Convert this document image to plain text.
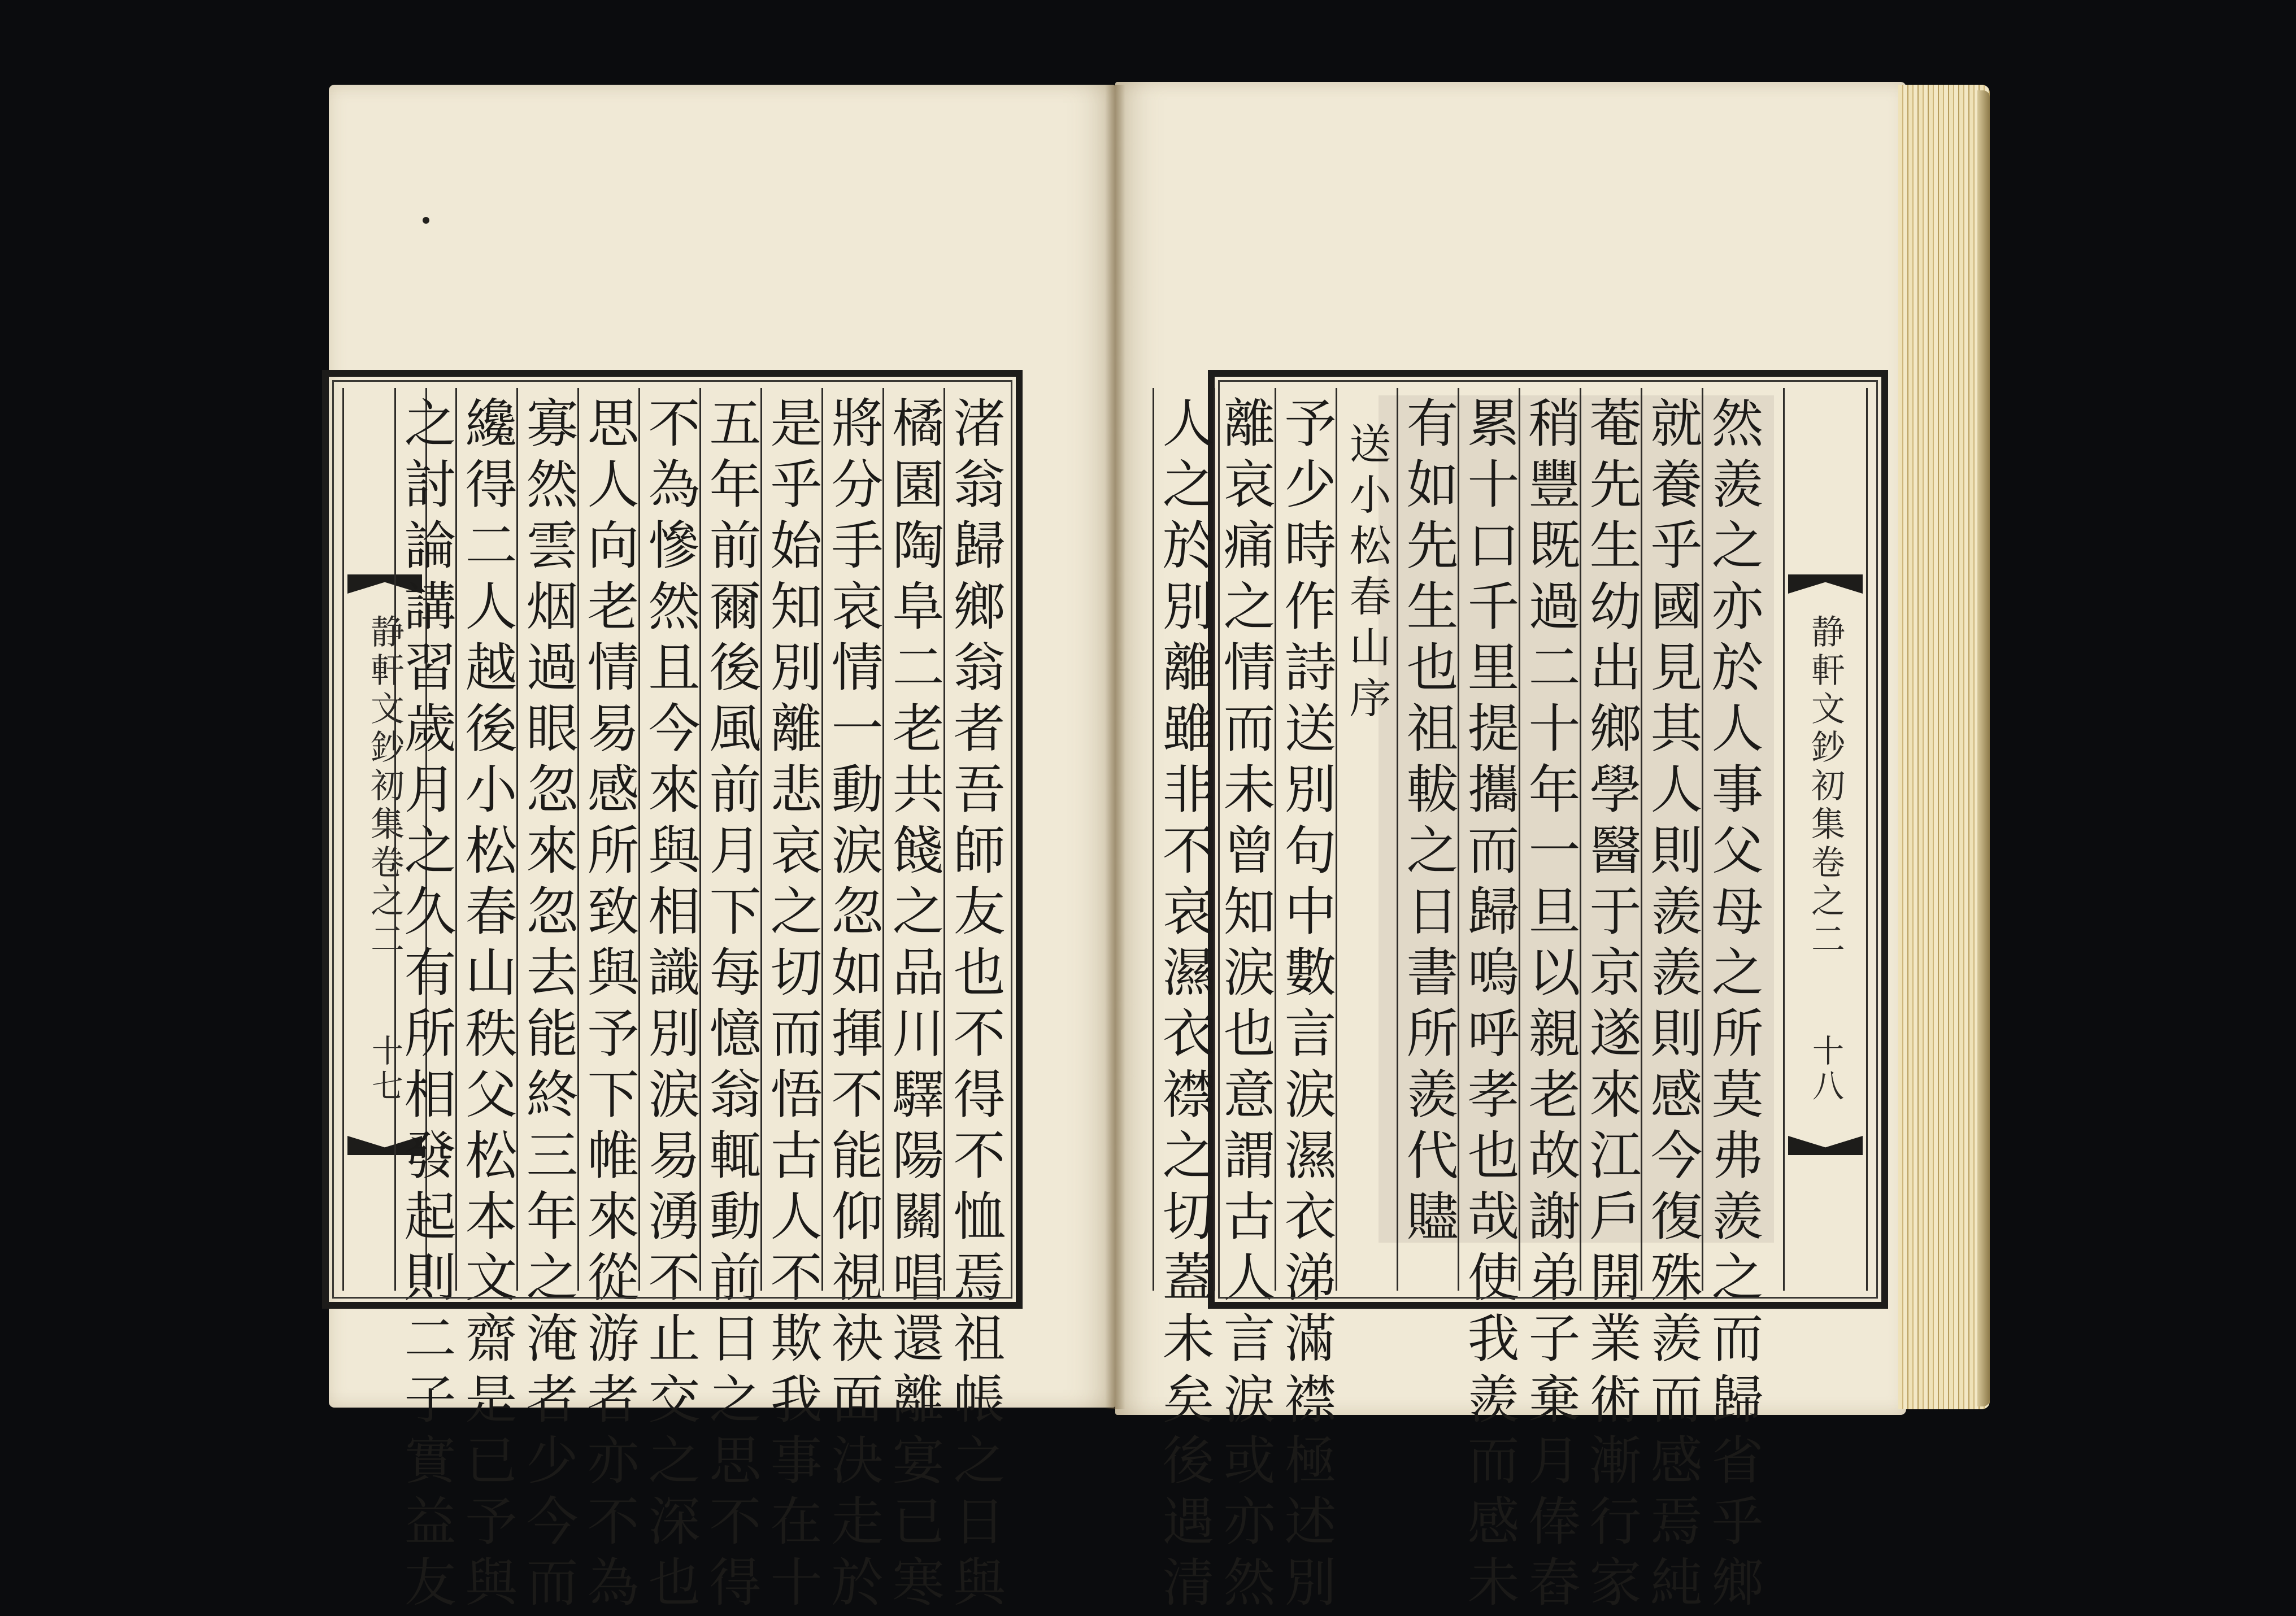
静軒文鈔初集卷之二
十七	渚翁歸鄉翁者吾師友也不得不恤焉祖帳之日與
橘園陶阜二老共餞之品川驛陽關唱還離宴已寒
將分手哀情一動涙忽如揮不能仰視袂面決走於
是乎始知別離悲哀之切而悟古人不欺我事在十
五年前爾後風前月下每憶翁輒動前日之思不得
不為慘然且今來與相識別涙易湧不止交之深也
思人向老情易感所致與予下帷來從游者亦不為
寡然雲烟過眼忽來忽去能終三年之淹者少今而
纔得二人越後小松春山秩父松本文齋是已予與
之討論講習歲月之久有所相發起則二子實益友	静軒文鈔初集卷之二
十八
然羨之亦於人事父母之所莫弗羨之而歸省乎鄉
就養乎國見其人則羨羨則感今復殊羨而感焉純
菴先生幼出鄉學醫于京遂來江戶開業術漸行家
稍豐既過二十年一旦以親老故謝弟子棄月俸舂
累十口千里提攜而歸嗚呼孝也哉使我羨而感未
有如先生也祖軷之日書所羨代贐
送小松春山序
予少時作詩送別句中數言涙濕衣涕滿襟極述別
離哀痛之情而未曾知涙也意謂古人言涙或亦然
人之於別離雖非不哀濕衣襟之切蓋未矣後遇清
